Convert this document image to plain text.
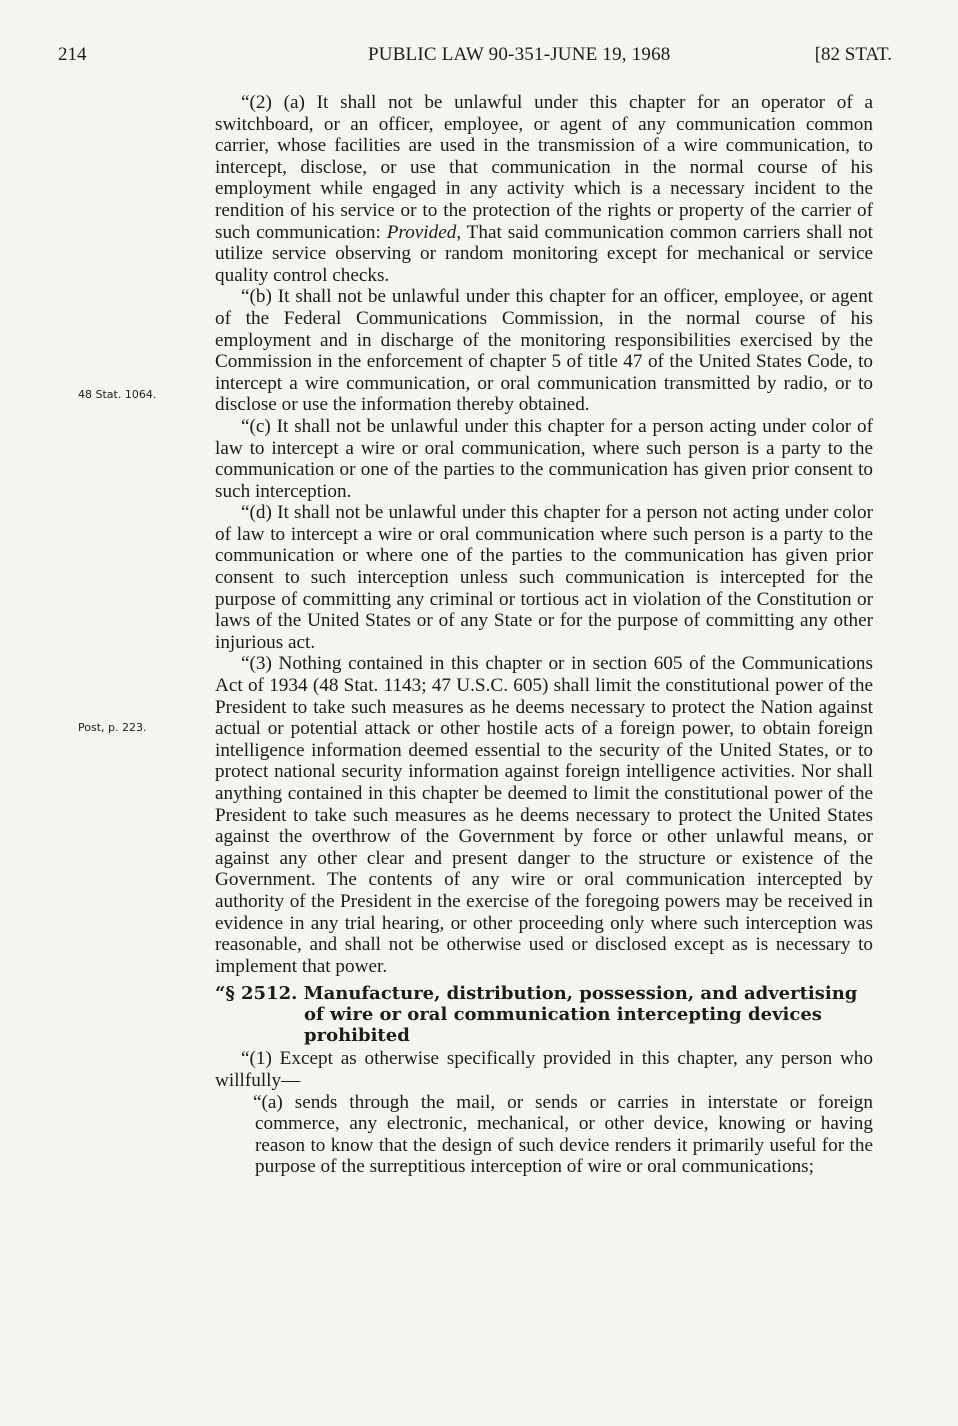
214	PUBLIC LAW 90-351-JUNE 19, 1968	[82 STAT.
48 Stat. 1064.
Post, p. 223.

“(2) (a) It shall not be unlawful under this chapter for an operator of a switchboard, or an officer, employee, or agent of any communication common carrier, whose facilities are used in the transmission of a wire communication, to intercept, disclose, or use that communication in the normal course of his employment while engaged in any activity which is a necessary incident to the rendition of his service or to the protection of the rights or property of the carrier of such communication: Provided, That said communication common carriers shall not utilize service observing or random monitoring except for mechanical or service quality control checks.

“(b) It shall not be unlawful under this chapter for an officer, employee, or agent of the Federal Communications Commission, in the normal course of his employment and in discharge of the monitoring responsibilities exercised by the Commission in the enforcement of chapter 5 of title 47 of the United States Code, to intercept a wire communication, or oral communication transmitted by radio, or to disclose or use the information thereby obtained.

“(c) It shall not be unlawful under this chapter for a person acting under color of law to intercept a wire or oral communication, where such person is a party to the communication or one of the parties to the communication has given prior consent to such interception.

“(d) It shall not be unlawful under this chapter for a person not acting under color of law to intercept a wire or oral communication where such person is a party to the communication or where one of the parties to the communication has given prior consent to such interception unless such communication is intercepted for the purpose of committing any criminal or tortious act in violation of the Constitution or laws of the United States or of any State or for the purpose of committing any other injurious act.

“(3) Nothing contained in this chapter or in section 605 of the Communications Act of 1934 (48 Stat. 1143; 47 U.S.C. 605) shall limit the constitutional power of the President to take such measures as he deems necessary to protect the Nation against actual or potential attack or other hostile acts of a foreign power, to obtain foreign intelligence information deemed essential to the security of the United States, or to protect national security information against foreign intelligence activities. Nor shall anything contained in this chapter be deemed to limit the constitutional power of the President to take such measures as he deems necessary to protect the United States against the overthrow of the Government by force or other unlawful means, or against any other clear and present danger to the structure or existence of the Government. The contents of any wire or oral communication intercepted by authority of the President in the exercise of the foregoing powers may be received in evidence in any trial hearing, or other proceeding only where such interception was reasonable, and shall not be otherwise used or disclosed except as is necessary to implement that power.

“§ 2512. Manufacture, distribution, possession, and advertising of wire or oral communication intercepting devices prohibited

“(1) Except as otherwise specifically provided in this chapter, any person who willfully—

“(a) sends through the mail, or sends or carries in interstate or foreign commerce, any electronic, mechanical, or other device, knowing or having reason to know that the design of such device renders it primarily useful for the purpose of the surreptitious interception of wire or oral communications;
